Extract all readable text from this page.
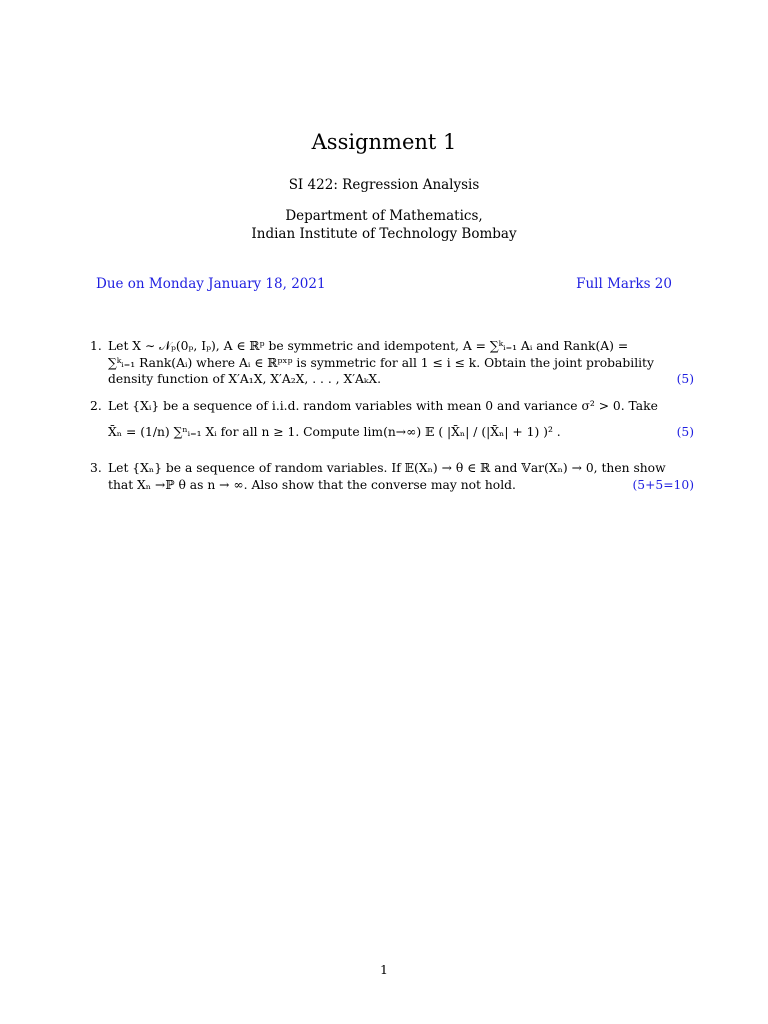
Assignment 1
SI 422: Regression Analysis
Department of Mathematics,
Indian Institute of Technology Bombay
Due on Monday January 18, 2021	Full Marks 20
1. Let X ∼ 𝒩ₚ(0ₚ, Iₚ), A ∈ ℝᵖ be symmetric and idempotent, A = ∑ᵏᵢ₌₁ Aᵢ and Rank(A) =
∑ᵏᵢ₌₁ Rank(Aᵢ) where Aᵢ ∈ ℝᵖˣᵖ is symmetric for all 1 ≤ i ≤ k. Obtain the joint probability
density function of X′A₁X, X′A₂X, . . . , X′AₖX.	(5)
2. Let {Xᵢ} be a sequence of i.i.d. random variables with mean 0 and variance σ² > 0. Take
X̄ₙ = (1/n) ∑ⁿᵢ₌₁ Xᵢ for all n ≥ 1. Compute lim(n→∞) 𝔼 ( |X̄ₙ| / (|X̄ₙ| + 1) )² .	(5)
3. Let {Xₙ} be a sequence of random variables. If 𝔼(Xₙ) → θ ∈ ℝ and 𝕍ar(Xₙ) → 0, then show
that Xₙ →ℙ θ as n → ∞. Also show that the converse may not hold.	(5+5=10)
1
